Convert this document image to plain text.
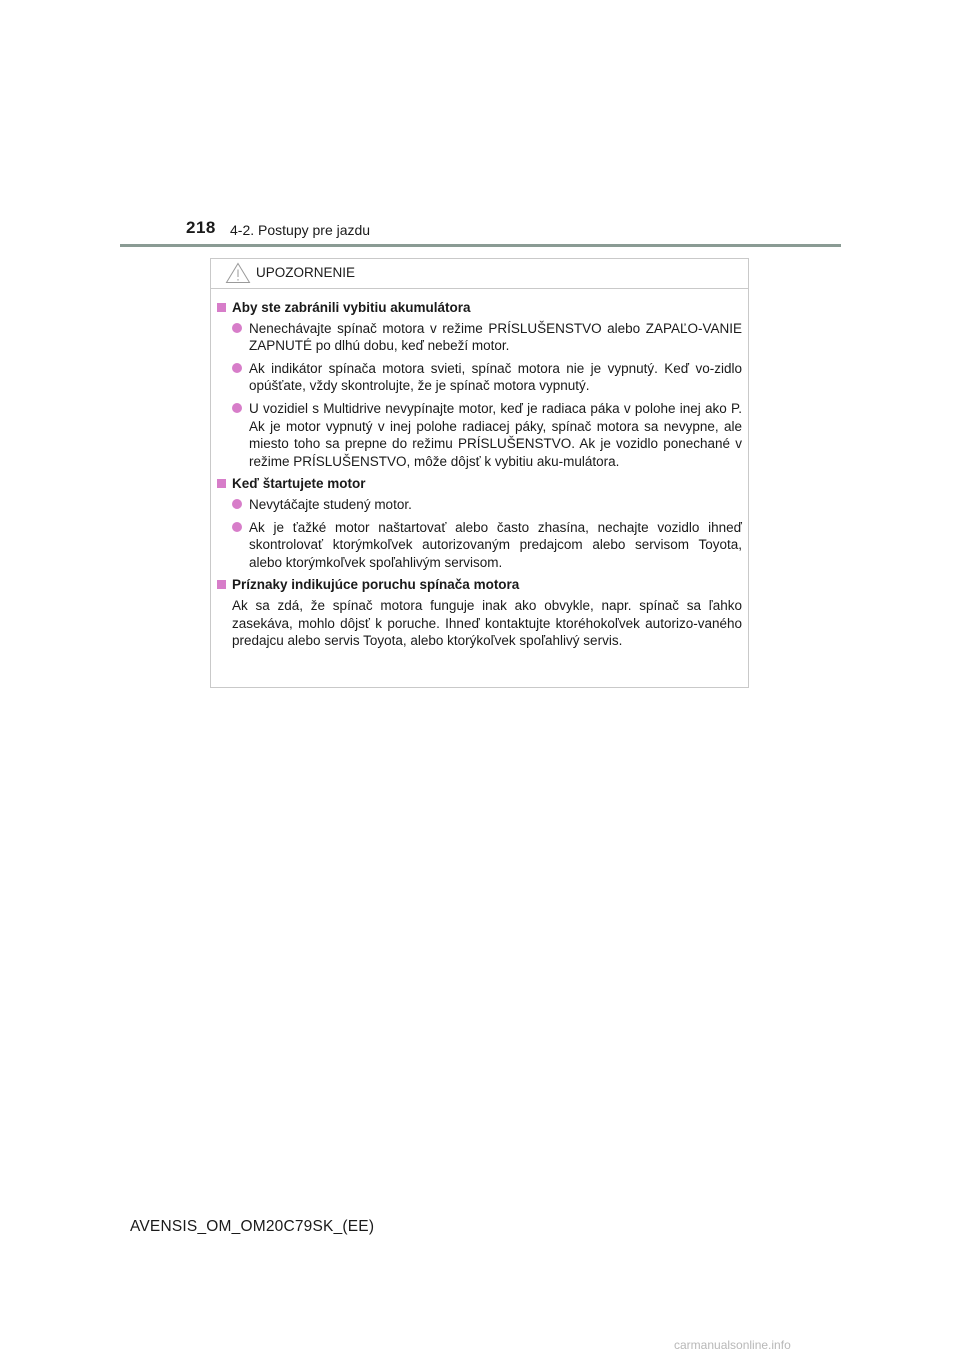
218 4-2. Postupy pre jazdu
UPOZORNENIE
Aby ste zabránili vybitiu akumulátora
Nenechávajte spínač motora v režime PRÍSLUŠENSTVO alebo ZAPAĽO-VANIE ZAPNUTÉ po dlhú dobu, keď nebeží motor.
Ak indikátor spínača motora svieti, spínač motora nie je vypnutý. Keď vo-zidlo opúšťate, vždy skontrolujte, že je spínač motora vypnutý.
U vozidiel s Multidrive nevypínajte motor, keď je radiaca páka v polohe inej ako P. Ak je motor vypnutý v inej polohe radiacej páky, spínač motora sa nevypne, ale miesto toho sa prepne do režimu PRÍSLUŠENSTVO. Ak je vozidlo ponechané v režime PRÍSLUŠENSTVO, môže dôjsť k vybitiu aku-mulátora.
Keď štartujete motor
Nevytáčajte studený motor.
Ak je ťažké motor naštartovať alebo často zhasína, nechajte vozidlo ihneď skontrolovať ktorýmkoľvek autorizovaným predajcom alebo servisom Toyota, alebo ktorýmkoľvek spoľahlivým servisom.
Príznaky indikujúce poruchu spínača motora
Ak sa zdá, že spínač motora funguje inak ako obvykle, napr. spínač sa ľahko zasekáva, mohlo dôjsť k poruche. Ihneď kontaktujte ktoréhokoľvek autorizo-vaného predajcu alebo servis Toyota, alebo ktorýkoľvek spoľahlivý servis.
AVENSIS_OM_OM20C79SK_(EE)
carmanualsonline.info
